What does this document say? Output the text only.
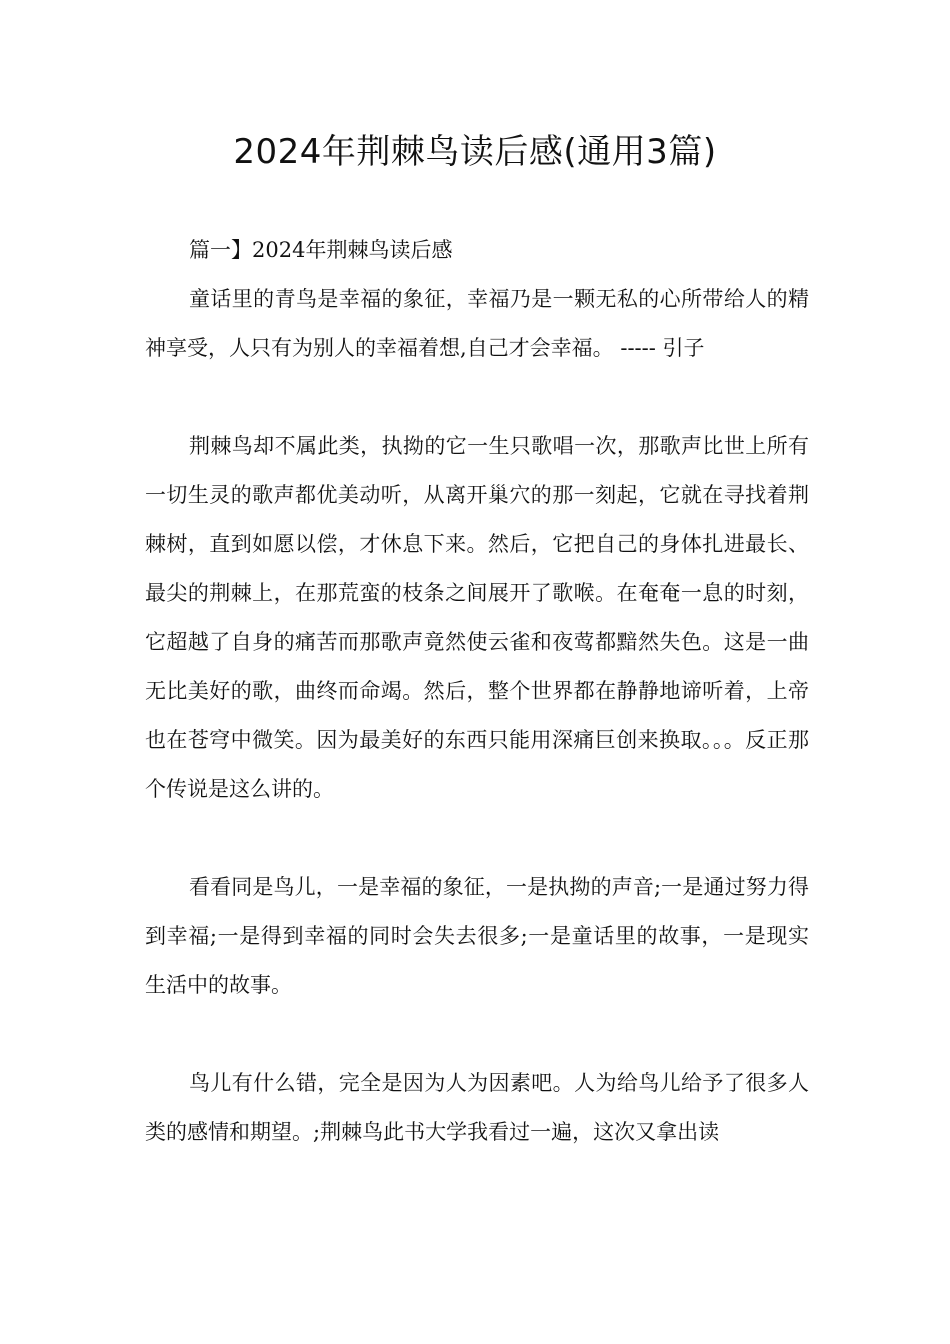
2024年荆棘鸟读后感(通用3篇)
篇一】2024年荆棘鸟读后感

童话里的青鸟是幸福的象征，幸福乃是一颗无私的心所带给人的精神享受，人只有为别人的幸福着想,自己才会幸福。 ----- 引子

荆棘鸟却不属此类，执拗的它一生只歌唱一次，那歌声比世上所有一切生灵的歌声都优美动听，从离开巢穴的那一刻起，它就在寻找着荆棘树，直到如愿以偿，才休息下来。然后，它把自己的身体扎进最长、最尖的荆棘上，在那荒蛮的枝条之间展开了歌喉。在奄奄一息的时刻，它超越了自身的痛苦而那歌声竟然使云雀和夜莺都黯然失色。这是一曲无比美好的歌，曲终而命竭。然后，整个世界都在静静地谛听着，上帝也在苍穹中微笑。因为最美好的东西只能用深痛巨创来换取。。。反正那个传说是这么讲的。

看看同是鸟儿，一是幸福的象征，一是执拗的声音;一是通过努力得到幸福;一是得到幸福的同时会失去很多;一是童话里的故事，一是现实生活中的故事。

鸟儿有什么错，完全是因为人为因素吧。人为给鸟儿给予了很多人类的感情和期望。;荆棘鸟此书大学我看过一遍，这次又拿出读
